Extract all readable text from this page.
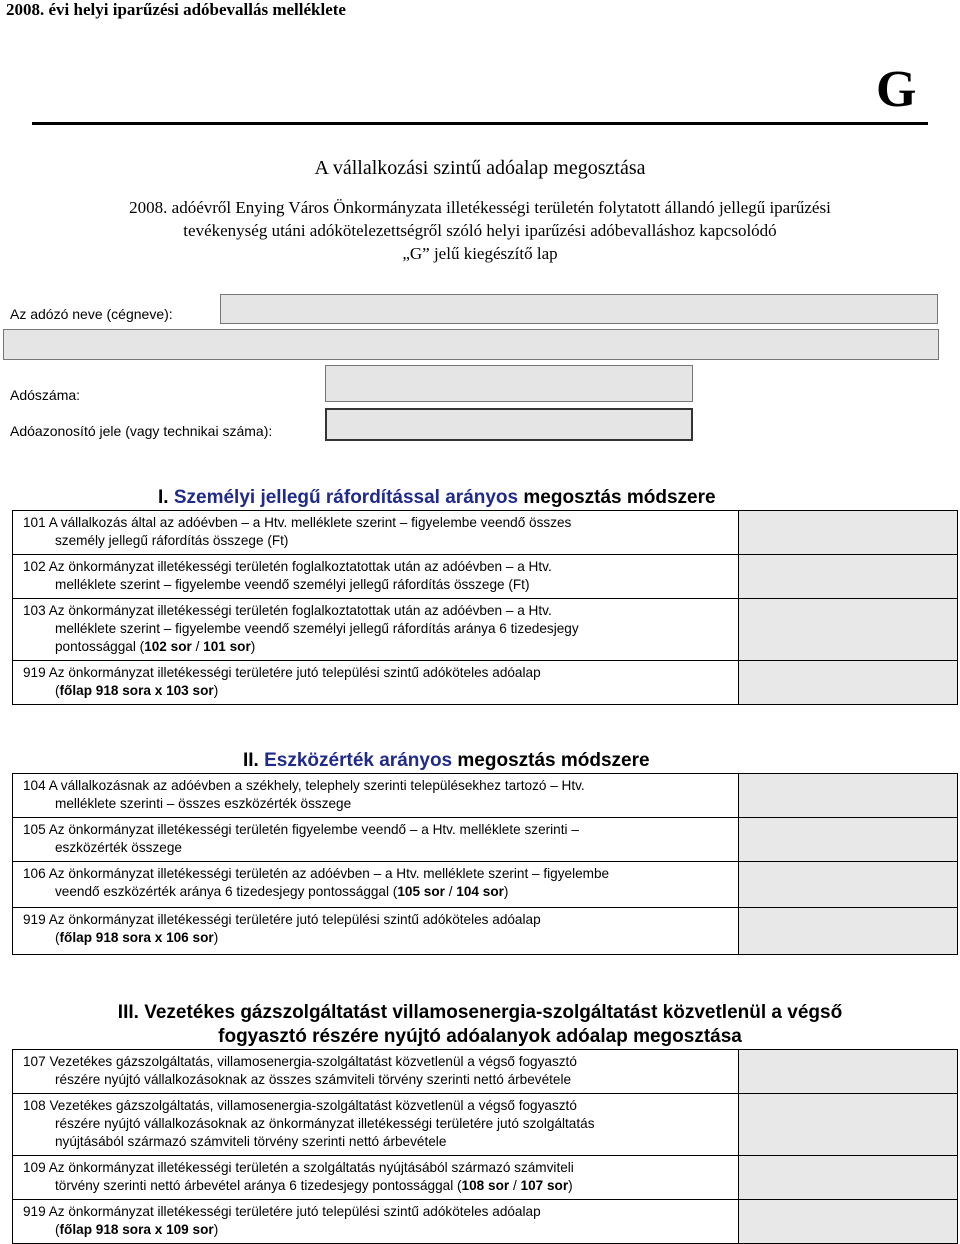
2008. évi helyi iparűzési adóbevallás melléklete
G
A vállalkozási szintű adóalap megosztása
2008. adóévről Enying Város Önkormányzata illetékességi területén folytatott állandó jellegű iparűzési
tevékenység utáni adókötelezettségről szóló helyi iparűzési adóbevalláshoz kapcsolódó
„G” jelű kiegészítő lap
Az adózó neve (cégneve):
Adószáma:
Adóazonosító jele (vagy technikai száma):
I. Személyi jellegű ráfordítással arányos megosztás módszere
101 A vállalkozás által az adóévben – a Htv. melléklete szerint – figyelembe veendő összes
személy jellegű ráfordítás összege (Ft)	

102 Az önkormányzat illetékességi területén foglalkoztatottak után az adóévben – a Htv.
melléklete szerint – figyelembe veendő személyi jellegű ráfordítás összege (Ft)	

103 Az önkormányzat illetékességi területén foglalkoztatottak után az adóévben – a Htv.
melléklete szerint – figyelembe veendő személyi jellegű ráfordítás aránya 6 tizedesjegy
pontossággal (102 sor / 101 sor)	

919 Az önkormányzat illetékességi területére jutó települési szintű adóköteles adóalap
(főlap 918 sora x 103 sor)	

II. Eszközérték arányos megosztás módszere
104 A vállalkozásnak az adóévben a székhely, telephely szerinti településekhez tartozó – Htv.
melléklete szerinti – összes eszközérték összege	

105 Az önkormányzat illetékességi területén figyelembe veendő – a Htv. melléklete szerinti –
eszközérték összege	

106 Az önkormányzat illetékességi területén az adóévben – a Htv. melléklete szerint – figyelembe
veendő eszközérték aránya 6 tizedesjegy pontossággal (105 sor / 104 sor)	

919 Az önkormányzat illetékességi területére jutó települési szintű adóköteles adóalap
(főlap 918 sora x 106 sor)	

III. Vezetékes gázszolgáltatást villamosenergia-szolgáltatást közvetlenül a végső
fogyasztó részére nyújtó adóalanyok adóalap megosztása
107 Vezetékes gázszolgáltatás, villamosenergia-szolgáltatást közvetlenül a végső fogyasztó
részére nyújtó vállalkozásoknak az összes számviteli törvény szerinti nettó árbevétele	

108 Vezetékes gázszolgáltatás, villamosenergia-szolgáltatást közvetlenül a végső fogyasztó
részére nyújtó vállalkozásoknak az önkormányzat illetékességi területére jutó szolgáltatás
nyújtásából származó számviteli törvény szerinti nettó árbevétele	

109 Az önkormányzat illetékességi területén a szolgáltatás nyújtásából származó számviteli
törvény szerinti nettó árbevétel aránya 6 tizedesjegy pontossággal (108 sor / 107 sor)	

919 Az önkormányzat illetékességi területére jutó települési szintű adóköteles adóalap
(főlap 918 sora x 109 sor)	
